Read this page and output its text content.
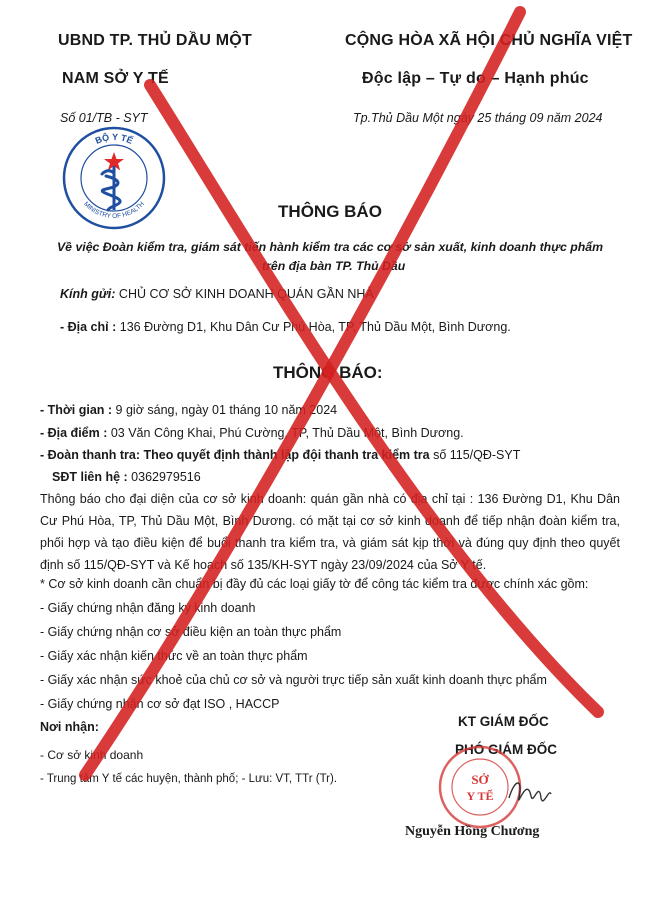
UBND TP. THỦ DẦU MỘT
NAM SỞ Y TẾ
CỘNG HÒA XÃ HỘI CHỦ NGHĨA VIỆT
Độc lập – Tự do – Hạnh phúc
Số 01/TB - SYT	Tp.Thủ Dầu Một ngày 25 tháng 09 năm 2024
BỘ Y TẾ
MINISTRY OF HEALTH	THÔNG BÁO
Về việc Đoàn kiểm tra, giám sát tiến hành kiểm tra các cơ sở sản xuất, kinh doanh thực phẩm
trên địa bàn TP. Thủ Dầu
Kính gửi: CHỦ CƠ SỞ KINH DOANH QUÁN GẦN NHÀ
- Địa chỉ : 136 Đường D1, Khu Dân Cư Phú Hòa, TP, Thủ Dầu Một, Bình Dương.
THÔNG BÁO:
- Thời gian : 9 giờ sáng, ngày 01 tháng 10 năm 2024
- Địa điểm : 03 Văn Công Khai, Phú Cường, TP, Thủ Dầu Một, Bình Dương.
- Đoàn thanh tra: Theo quyết định thành lập đội thanh tra kiểm tra số 115/QĐ-SYT
SĐT liên hệ : 0362979516
Thông báo cho đại diện của cơ sở kinh doanh: quán gần nhà có địa chỉ tại : 136 Đường D1, Khu Dân Cư Phú Hòa, TP, Thủ Dầu Một, Bình Dương. có mặt tại cơ sở kinh doanh để tiếp nhận đoàn kiểm tra, phối hợp và tạo điều kiện để buổi thanh tra kiểm tra, và giám sát kịp thời và đúng quy định theo quyết định số 115/QĐ-SYT và Kế hoạch số 135/KH-SYT ngày 23/09/2024 của Sở Y tế.
* Cơ sở kinh doanh cần chuẩn bị đầy đủ các loại giấy tờ để công tác kiểm tra được chính xác gồm:
- Giấy chứng nhận đăng ký kinh doanh
- Giấy chứng nhận cơ sở điều kiện an toàn thực phẩm
- Giấy xác nhận kiến thức về an toàn thực phẩm
- Giấy xác nhận sức khoẻ của chủ cơ sở và người trực tiếp sản xuất kinh doanh thực phẩm
- Giấy chứng nhận cơ sở đạt ISO , HACCP
Nơi nhận:
- Cơ sở kinh doanh
- Trung tâm Y tế các huyện, thành phố; - Lưu: VT, TTr (Tr).
KT GIÁM ĐỐC
PHÓ GIÁM ĐỐC
SỞ
Y TẾ
Nguyễn Hồng Chương
